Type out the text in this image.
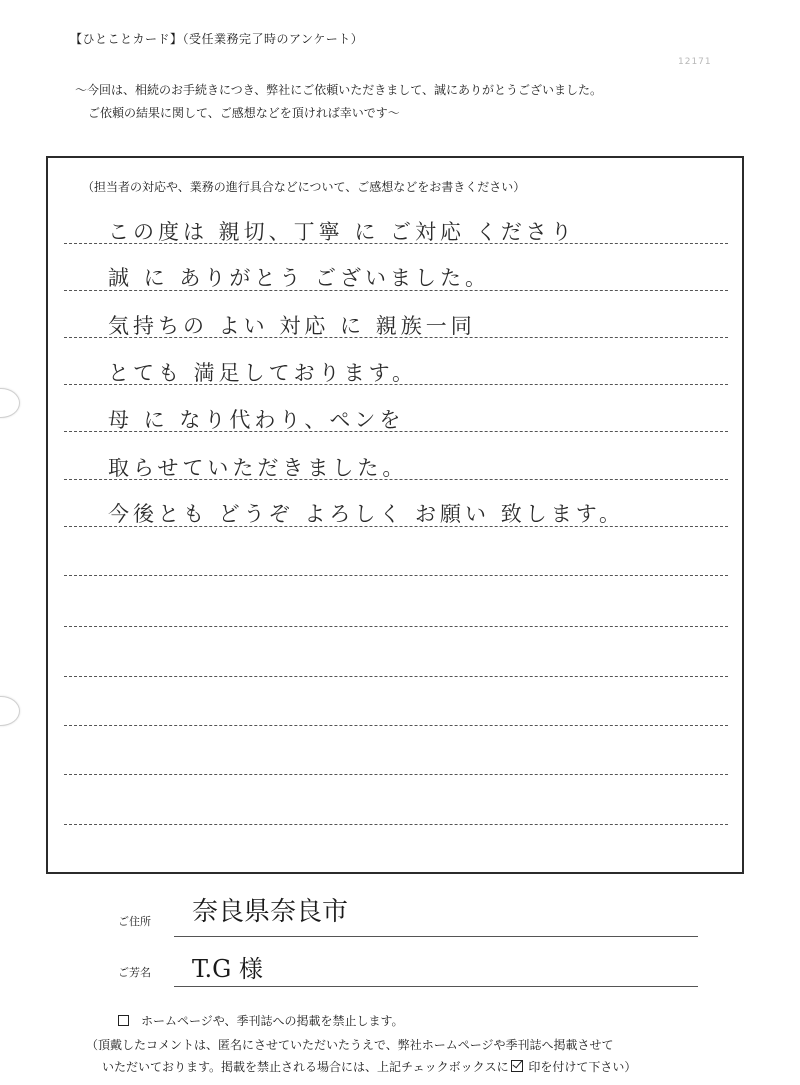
【ひとことカード】（受任業務完了時のアンケート）
12171
～今回は、相続のお手続きにつき、弊社にご依頼いただきまして、誠にありがとうございました。
ご依頼の結果に関して、ご感想などを頂ければ幸いです～
（担当者の対応や、業務の進行具合などについて、ご感想などをお書きください）
この度は 親切、丁寧 に ご対応 くださり
誠 に ありがとう ございました。
気持ちの よい 対応 に 親族一同
とても 満足しております。
母 に なり代わり、ペンを
取らせていただきました。
今後とも どうぞ よろしく お願い 致します。
ご住所 奈良県奈良市
ご芳名 T.G 様
ホームページや、季刊誌への掲載を禁止します。
（頂戴したコメントは、匿名にさせていただいたうえで、弊社ホームページや季刊誌へ掲載させて
いただいております。掲載を禁止される場合には、上記チェックボックスに 印を付けて下さい）
